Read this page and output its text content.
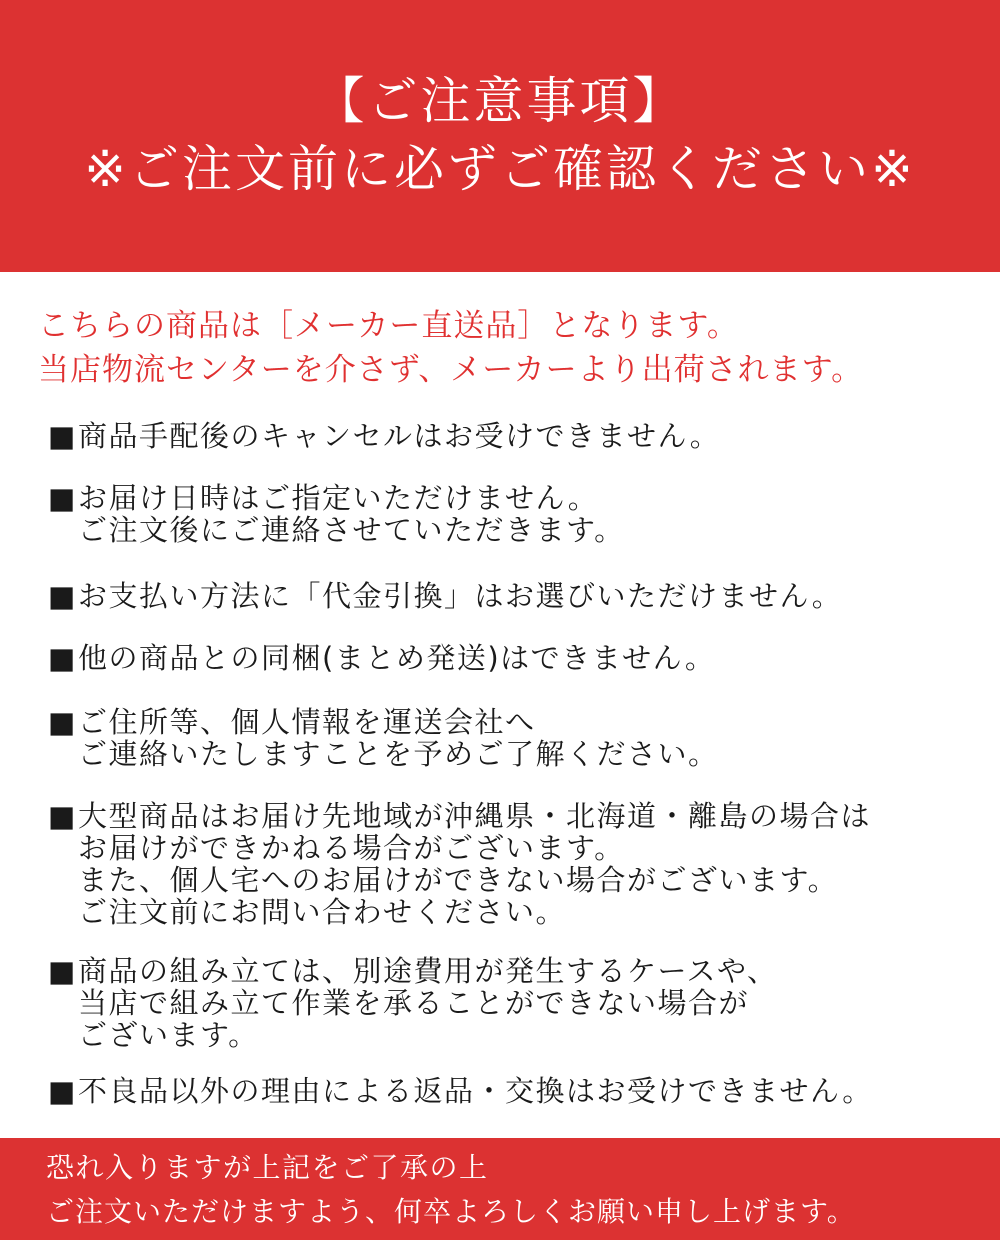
【ご注意事項】
※ご注文前に必ずご確認ください※
こちらの商品は［メーカー直送品］となります。
当店物流センターを介さず、メーカーより出荷されます。
■ 商品手配後のキャンセルはお受けできません。
■ お届け日時はご指定いただけません。
ご注文後にご連絡させていただきます。
■ お支払い方法に「代金引換」はお選びいただけません。
■ 他の商品との同梱(まとめ発送)はできません。
■ ご住所等、個人情報を運送会社へ
ご連絡いたしますことを予めご了解ください。
■ 大型商品はお届け先地域が沖縄県・北海道・離島の場合は
お届けができかねる場合がございます。
また、個人宅へのお届けができない場合がございます。
ご注文前にお問い合わせください。
■ 商品の組み立ては、別途費用が発生するケースや、
当店で組み立て作業を承ることができない場合が
ございます。
■ 不良品以外の理由による返品・交換はお受けできません。
恐れ入りますが上記をご了承の上
ご注文いただけますよう、何卒よろしくお願い申し上げます。
